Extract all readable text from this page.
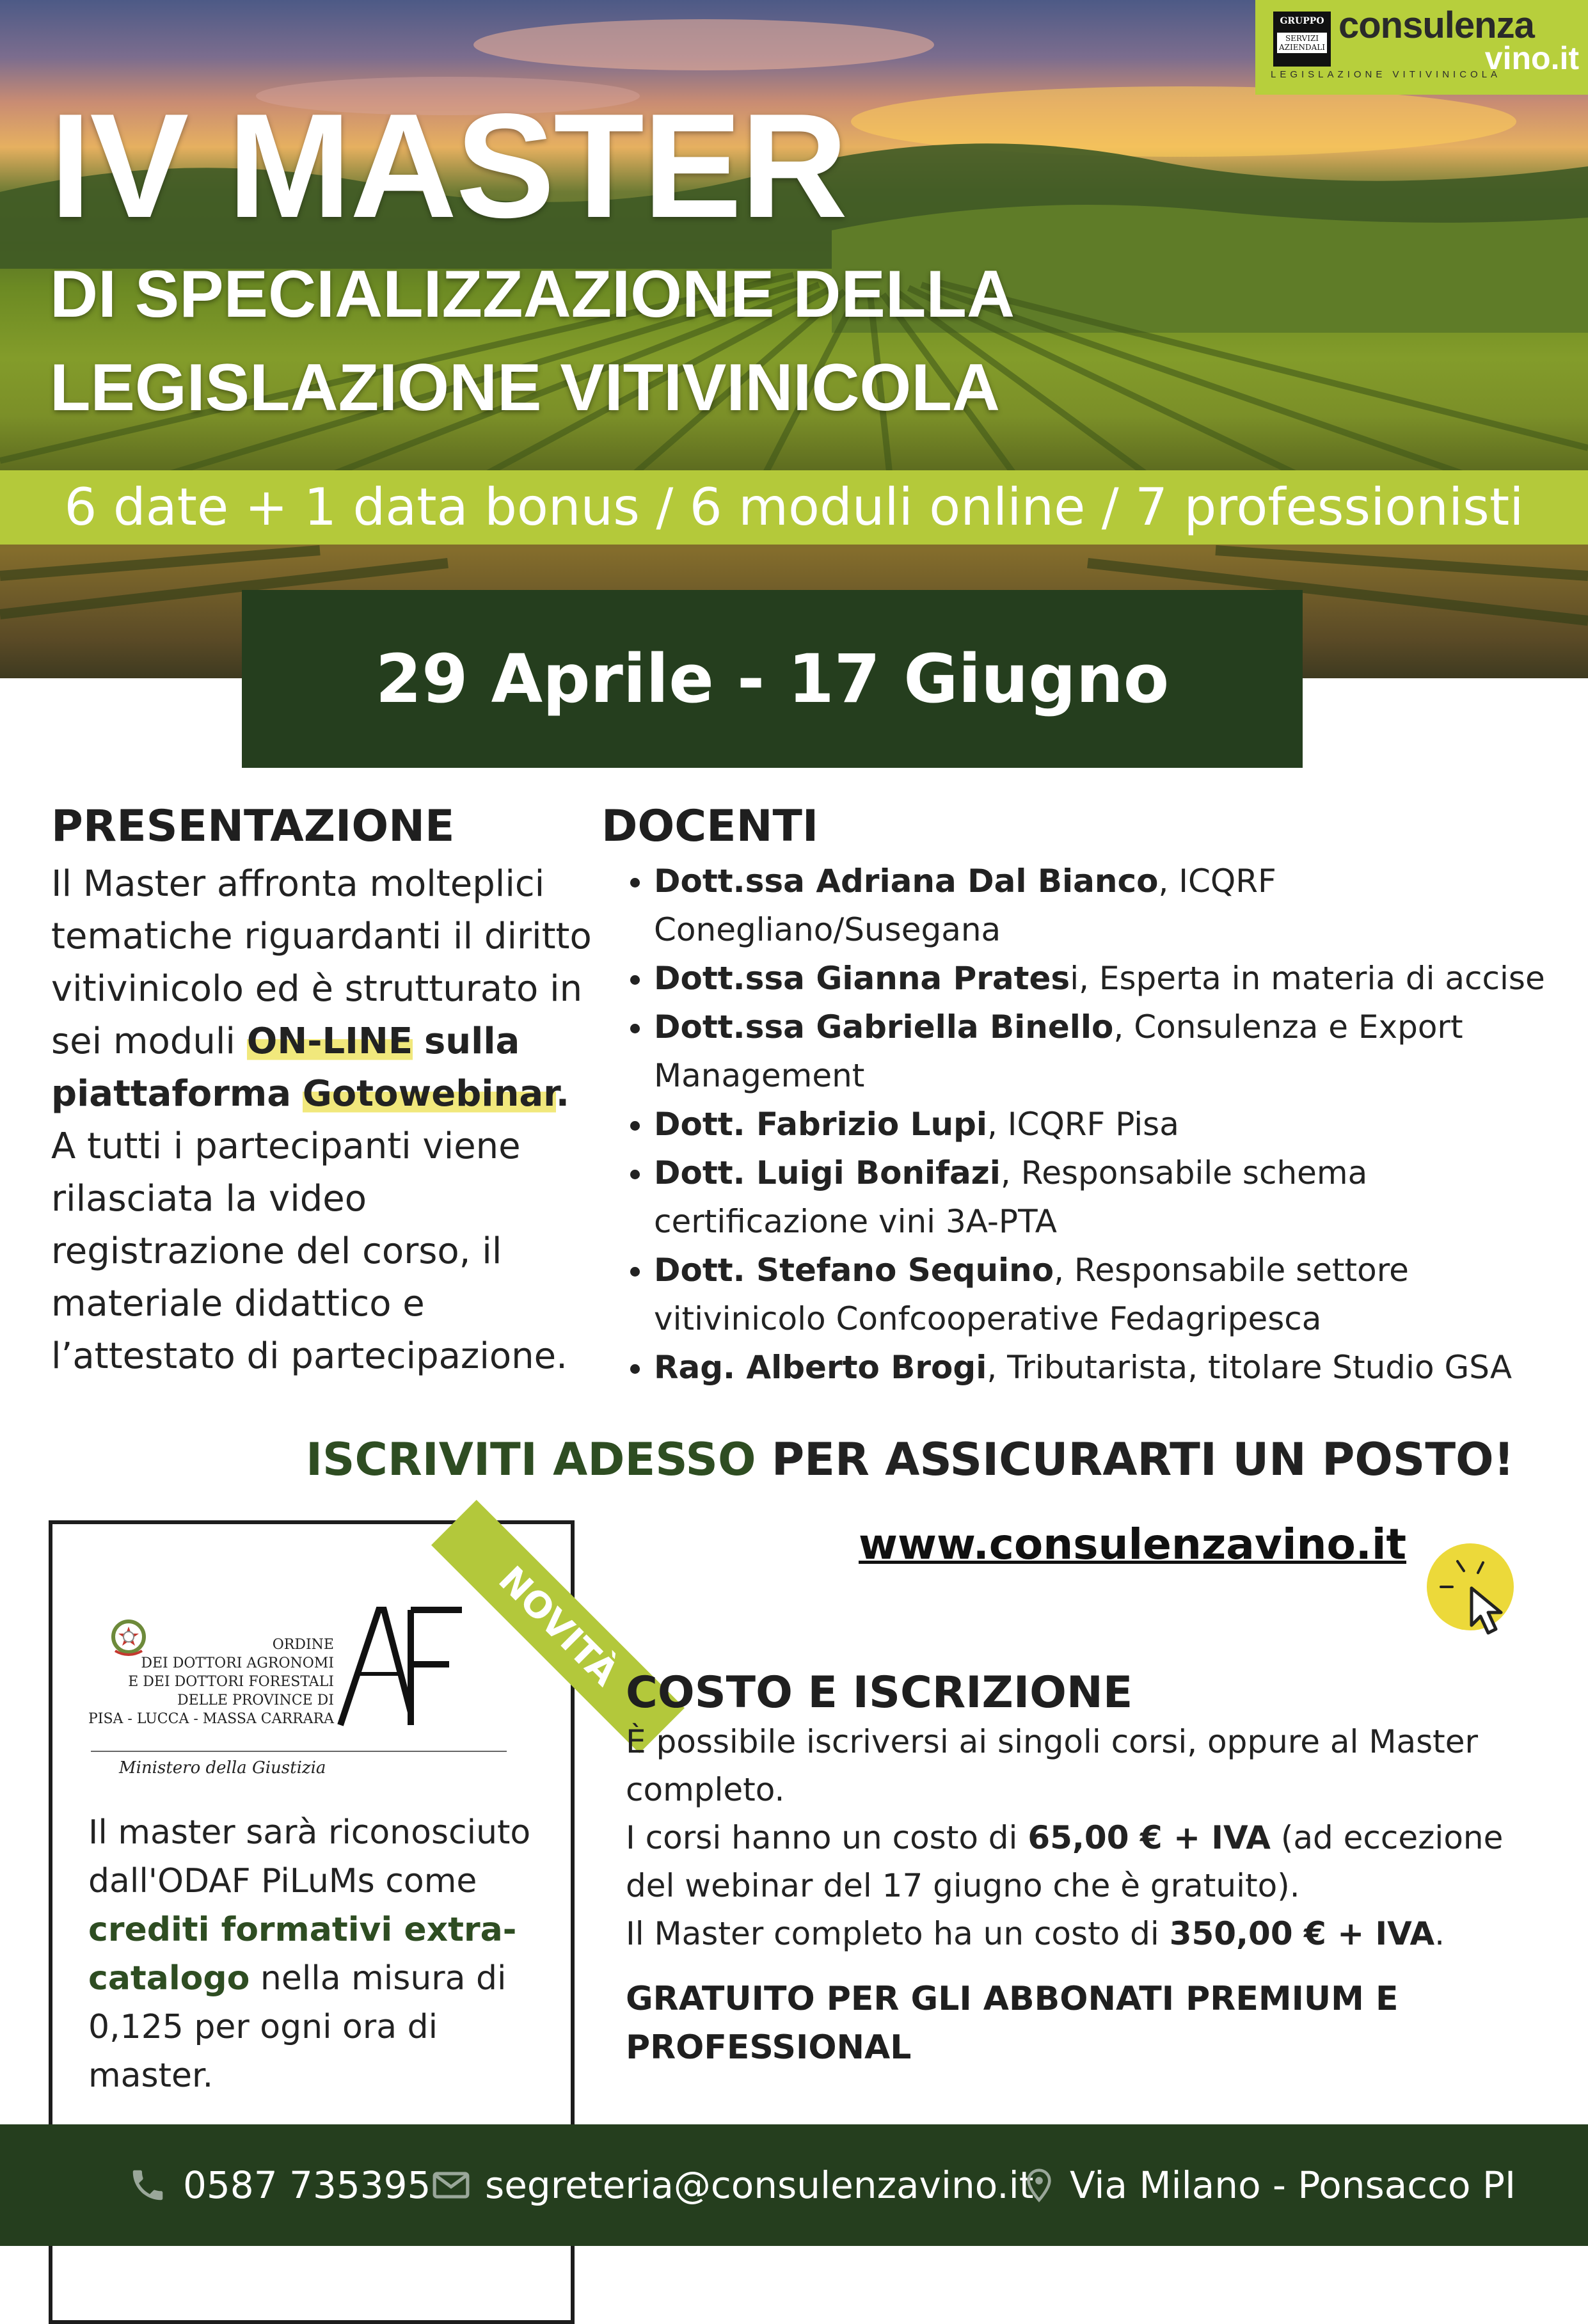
GRUPPO
SERVIZI AZIENDALI
consulenza
vino.it
LEGISLAZIONE VITIVINICOLA
IV MASTER
DI SPECIALIZZAZIONE DELLA
LEGISLAZIONE VITIVINICOLA
6 date + 1 data bonus / 6 moduli online / 7 professionisti
29 Aprile - 17 Giugno
PRESENTAZIONE
Il Master affronta molteplici tematiche riguardanti il diritto vitivinicolo ed è strutturato in sei moduli ON-LINE sulla piattaforma Gotowebinar.
A tutti i partecipanti viene rilasciata la video registrazione del corso, il materiale didattico e l’attestato di partecipazione.
DOCENTI
• Dott.ssa Adriana Dal Bianco, ICQRF Conegliano/Susegana
• Dott.ssa Gianna Pratesi, Esperta in materia di accise
• Dott.ssa Gabriella Binello, Consulenza e Export Management
• Dott. Fabrizio Lupi, ICQRF Pisa
• Dott. Luigi Bonifazi, Responsabile schema certificazione vini 3A-PTA
• Dott. Stefano Sequino, Responsabile settore vitivinicolo Confcooperative Fedagripesca
• Rag. Alberto Brogi, Tributarista, titolare Studio GSA
ISCRIVITI ADESSO PER ASSICURARTI UN POSTO!
www.consulenzavino.it
NOVITÀ
ORDINE
DEI DOTTORI AGRONOMI
E DEI DOTTORI FORESTALI
DELLE PROVINCE DI
PISA - LUCCA - MASSA CARRARA
Ministero della Giustizia
Il master sarà riconosciuto dall'ODAF PiLuMs come crediti formativi extra-catalogo nella misura di 0,125 per ogni ora di master.
COSTO E ISCRIZIONE

È possibile iscriversi ai singoli corsi, oppure al Master completo.

I corsi hanno un costo di 65,00 € + IVA (ad eccezione del webinar del 17 giugno che è gratuito).

Il Master completo ha un costo di 350,00 € + IVA.

GRATUITO PER GLI ABBONATI PREMIUM E PROFESSIONAL

0587 735395 segreteria@consulenzavino.it Via Milano - Ponsacco PI
